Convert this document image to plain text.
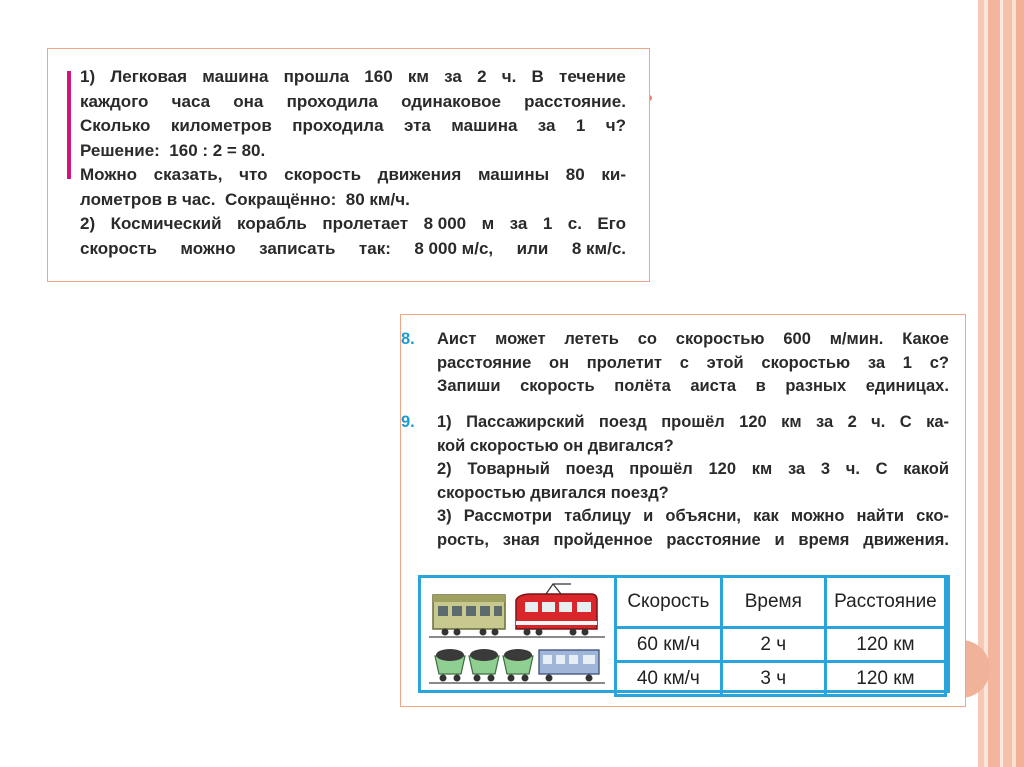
1) Легковая машина прошла 160 км за 2 ч. В течение
каждого часа она проходила одинаковое расстояние.
Сколько километров проходила эта машина за 1 ч?
Решение: 160 : 2 = 80.
Можно сказать, что скорость движения машины 80 ки-
лометров в час. Сокращённо: 80 км/ч.
2) Космический корабль пролетает 8 000 м за 1 с. Его
скорость можно записать так: 8 000 м/с, или 8 км/с.
8.	Аист может лететь со скоростью 600 м/мин. Какое
расстояние он пролетит с этой скоростью за 1 с?
Запиши скорость полёта аиста в разных единицах.
9.	1) Пассажирский поезд прошёл 120 км за 2 ч. С ка-
кой скоростью он двигался?
2) Товарный поезд прошёл 120 км за 3 ч. С какой
скоростью двигался поезд?
3) Рассмотри таблицу и объясни, как можно найти ско-
рость, зная пройденное расстояние и время движения.
Скорость	Время	Расстояние
60 км/ч	2 ч	120 км
40 км/ч	3 ч	120 км
